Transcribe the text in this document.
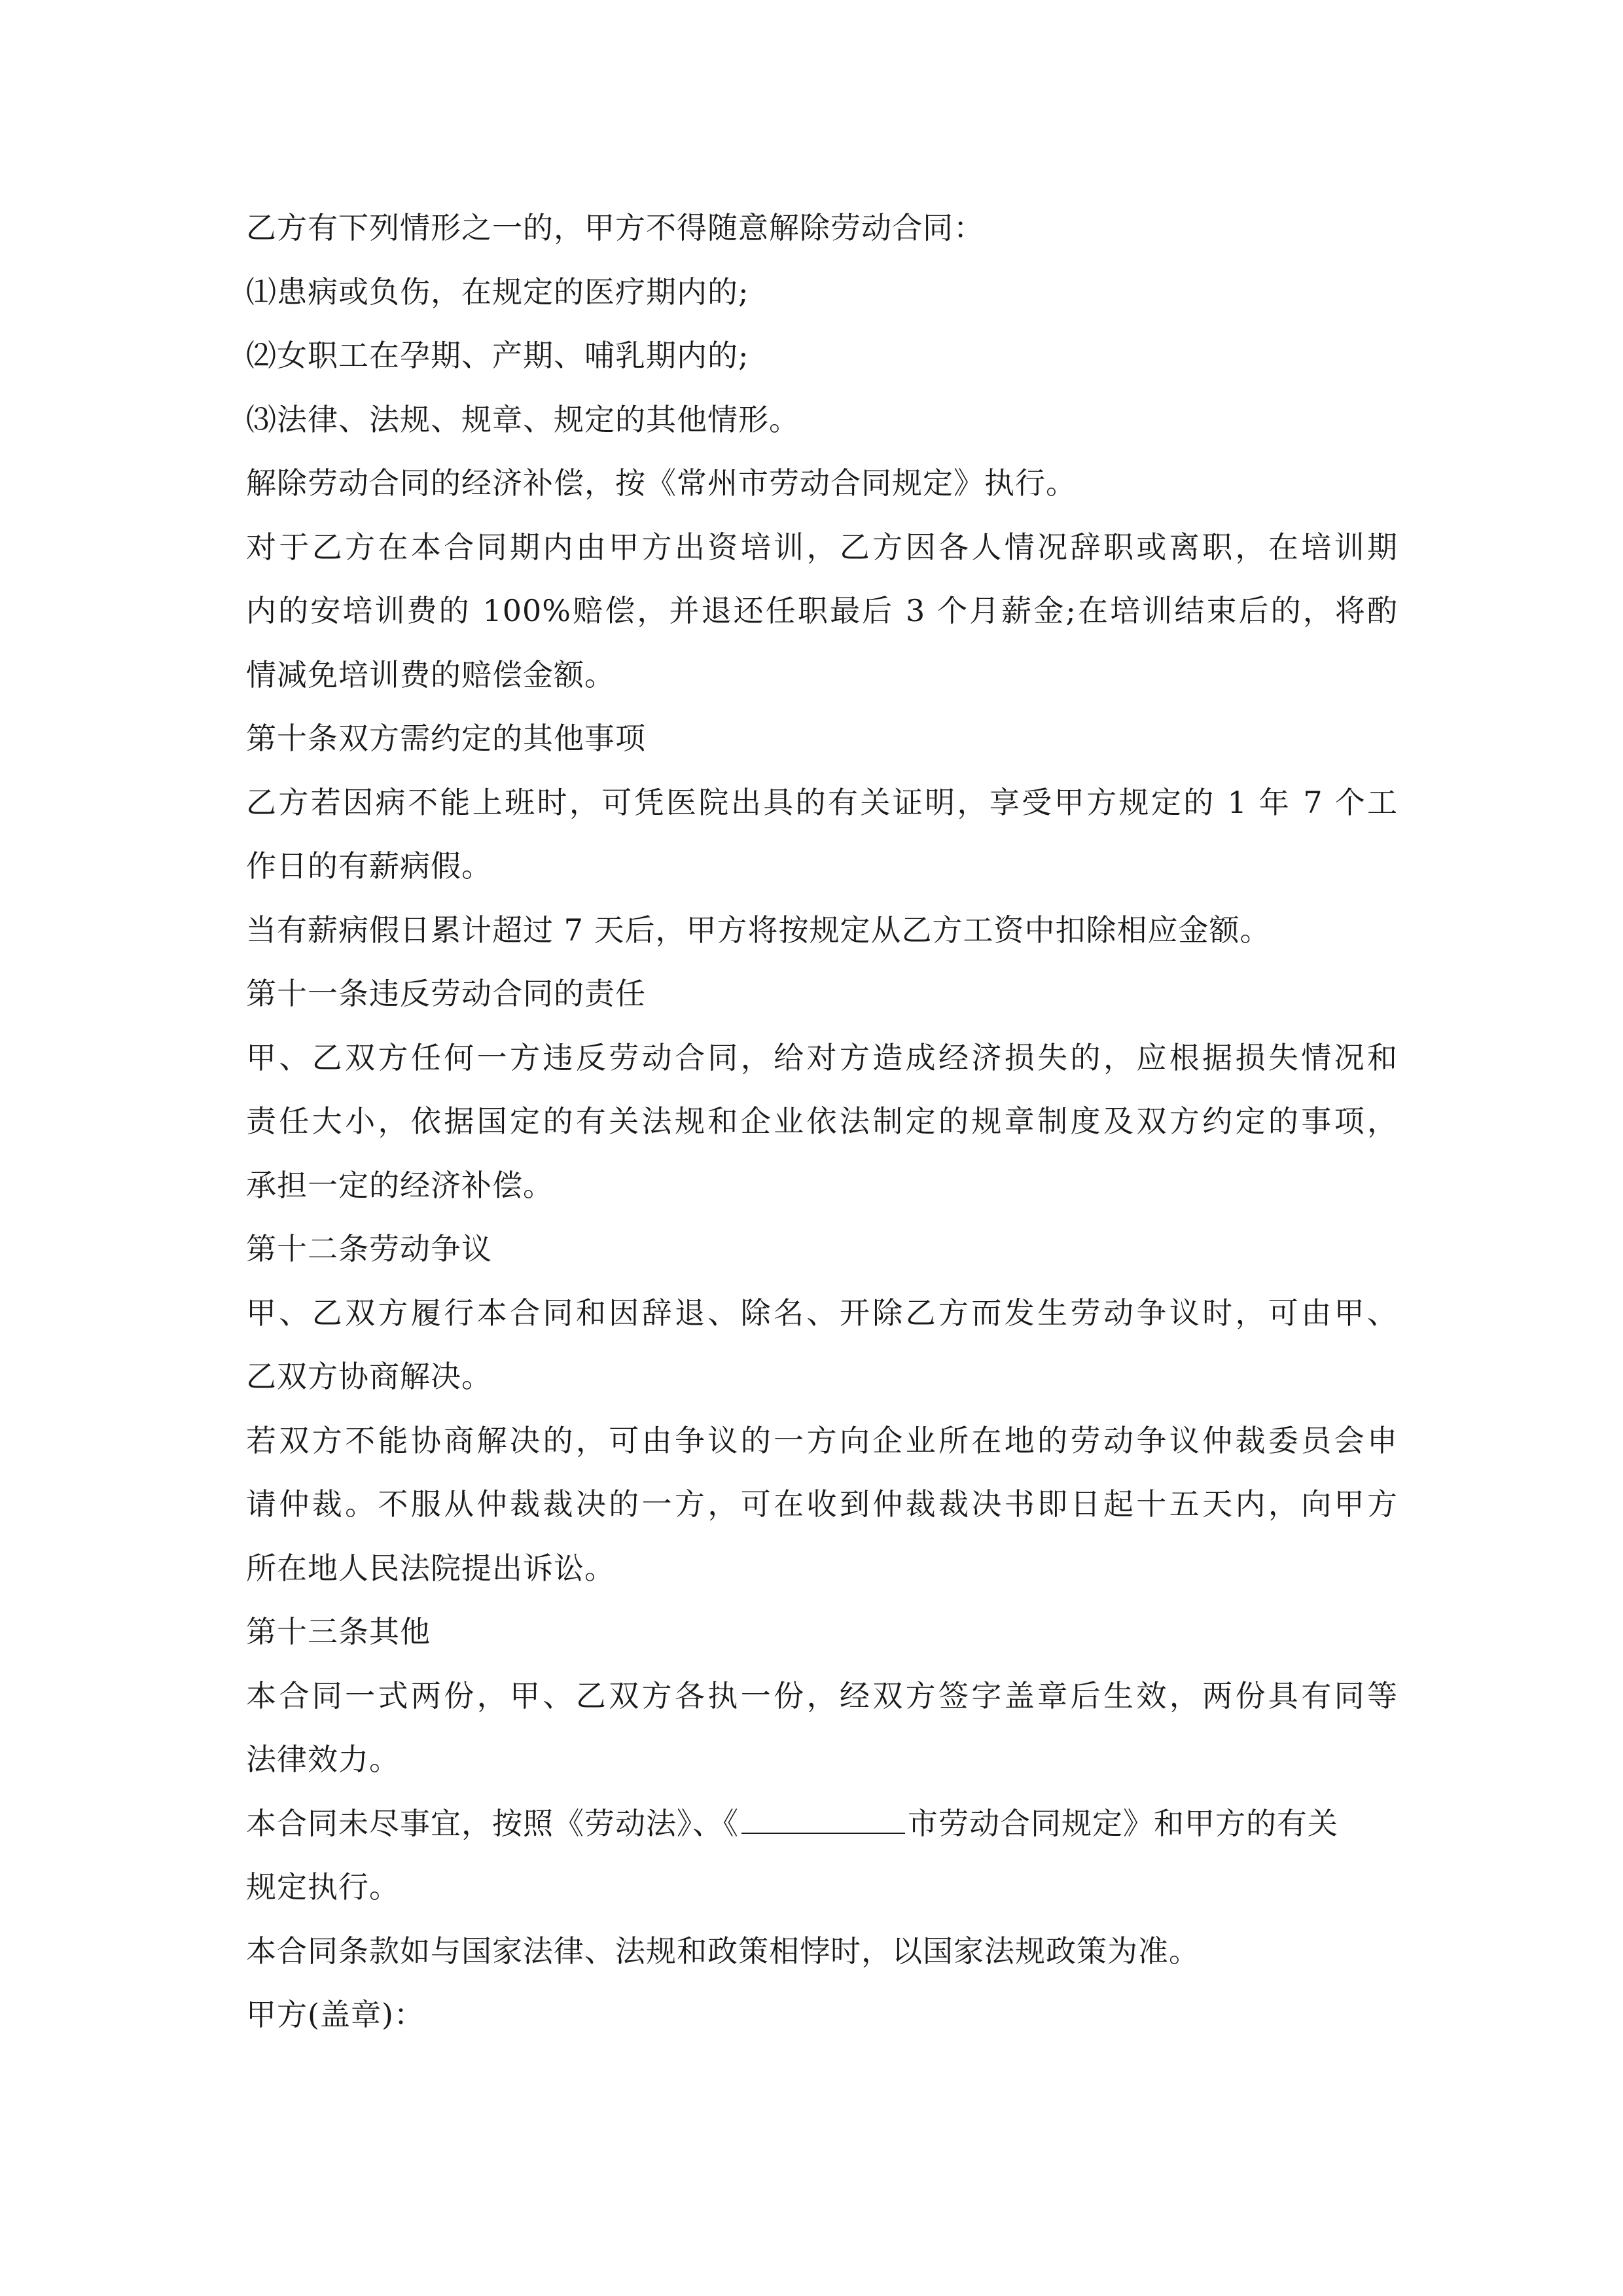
乙方有下列情形之一的，甲方不得随意解除劳动合同：
⑴患病或负伤，在规定的医疗期内的;
⑵女职工在孕期、产期、哺乳期内的;
⑶法律、法规、规章、规定的其他情形。
解除劳动合同的经济补偿，按《常州市劳动合同规定》执行。
对于乙方在本合同期内由甲方出资培训，乙方因各人情况辞职或离职，在培训期
内的安培训费的 100%赔偿，并退还任职最后 3 个月薪金;在培训结束后的，将酌
情减免培训费的赔偿金额。
第十条双方需约定的其他事项
乙方若因病不能上班时，可凭医院出具的有关证明，享受甲方规定的 1 年 7 个工
作日的有薪病假。
当有薪病假日累计超过 7 天后，甲方将按规定从乙方工资中扣除相应金额。
第十一条违反劳动合同的责任
甲、乙双方任何一方违反劳动合同，给对方造成经济损失的，应根据损失情况和
责任大小，依据国定的有关法规和企业依法制定的规章制度及双方约定的事项，
承担一定的经济补偿。
第十二条劳动争议
甲、乙双方履行本合同和因辞退、除名、开除乙方而发生劳动争议时，可由甲、
乙双方协商解决。
若双方不能协商解决的，可由争议的一方向企业所在地的劳动争议仲裁委员会申
请仲裁。不服从仲裁裁决的一方，可在收到仲裁裁决书即日起十五天内，向甲方
所在地人民法院提出诉讼。
第十三条其他
本合同一式两份，甲、乙双方各执一份，经双方签字盖章后生效，两份具有同等
法律效力。
本合同未尽事宜，按照《劳动法》、《	市劳动合同规定》和甲方的有关
规定执行。
本合同条款如与国家法律、法规和政策相悖时，以国家法规政策为准。
甲方(盖章)：
